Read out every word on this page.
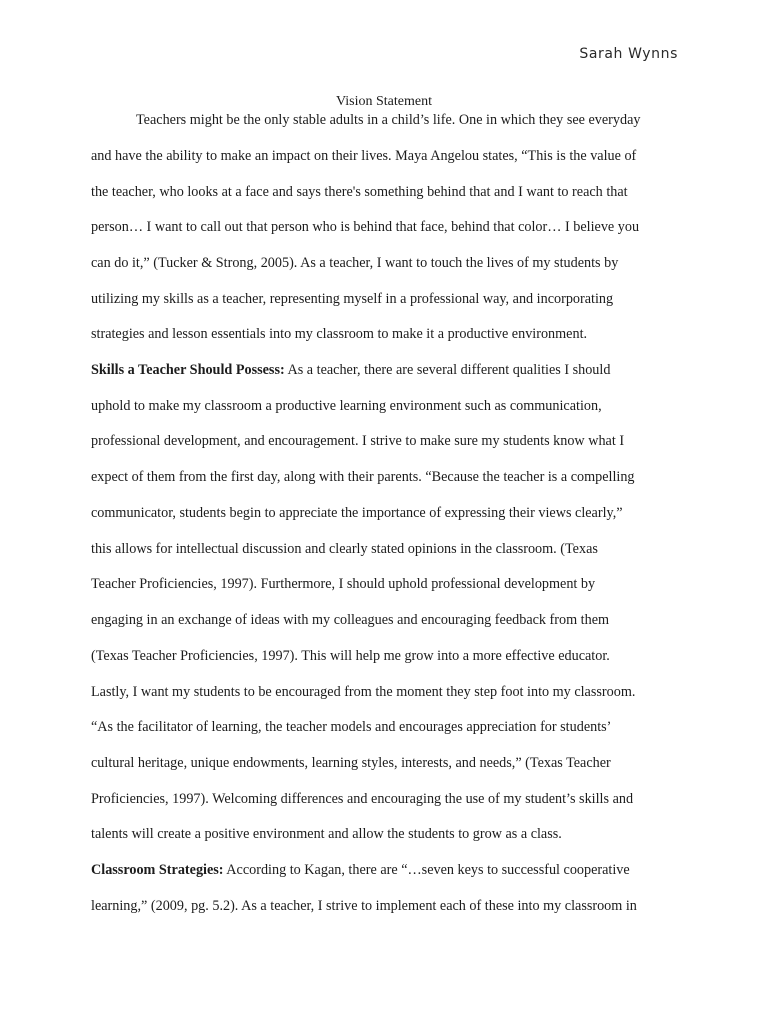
Sarah Wynns
Vision Statement
Teachers might be the only stable adults in a child’s life. One in which they see everyday
and have the ability to make an impact on their lives. Maya Angelou states, “This is the value of
the teacher, who looks at a face and says there's something behind that and I want to reach that
person… I want to call out that person who is behind that face, behind that color… I believe you
can do it,” (Tucker & Strong, 2005). As a teacher, I want to touch the lives of my students by
utilizing my skills as a teacher, representing myself in a professional way, and incorporating
strategies and lesson essentials into my classroom to make it a productive environment.
Skills a Teacher Should Possess: As a teacher, there are several different qualities I should
uphold to make my classroom a productive learning environment such as communication,
professional development, and encouragement. I strive to make sure my students know what I
expect of them from the first day, along with their parents. “Because the teacher is a compelling
communicator, students begin to appreciate the importance of expressing their views clearly,”
this allows for intellectual discussion and clearly stated opinions in the classroom. (Texas
Teacher Proficiencies, 1997). Furthermore, I should uphold professional development by
engaging in an exchange of ideas with my colleagues and encouraging feedback from them
(Texas Teacher Proficiencies, 1997). This will help me grow into a more effective educator.
Lastly, I want my students to be encouraged from the moment they step foot into my classroom.
“As the facilitator of learning, the teacher models and encourages appreciation for students’
cultural heritage, unique endowments, learning styles, interests, and needs,” (Texas Teacher
Proficiencies, 1997). Welcoming differences and encouraging the use of my student’s skills and
talents will create a positive environment and allow the students to grow as a class.
Classroom Strategies: According to Kagan, there are “…seven keys to successful cooperative
learning,” (2009, pg. 5.2). As a teacher, I strive to implement each of these into my classroom in
